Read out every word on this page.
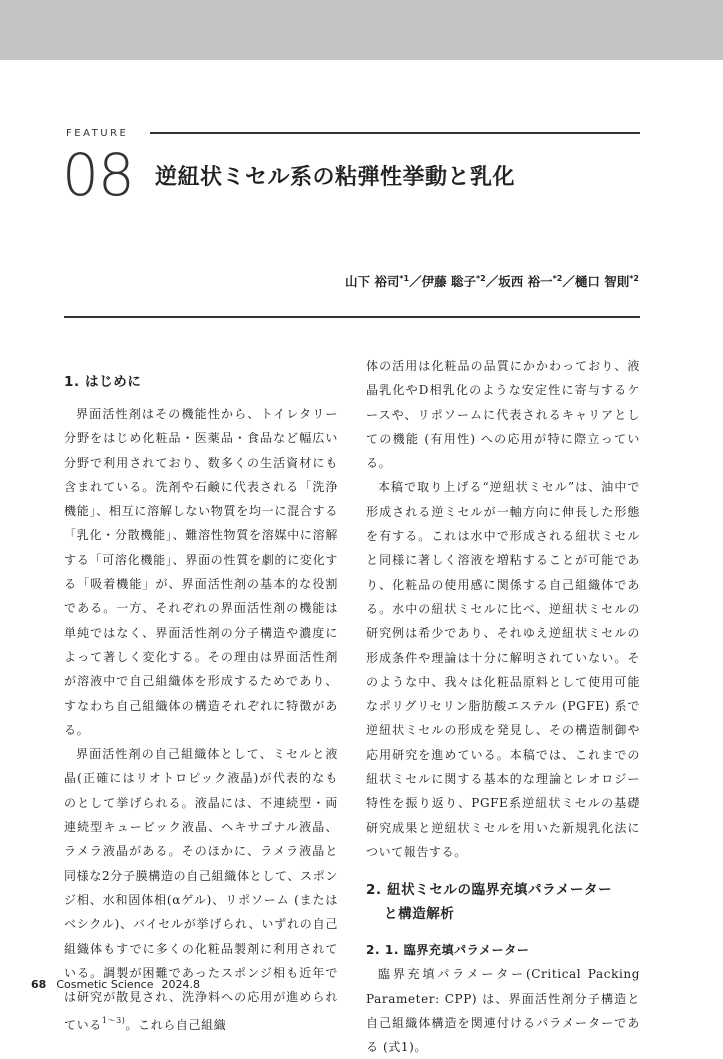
FEATURE
08 逆紐状ミセル系の粘弾性挙動と乳化
山下 裕司$^{*1}$／伊藤 聡子$^{*2}$／坂西 裕一$^{*2}$／樋口 智則$^{*2}$
1. はじめに

界面活性剤はその機能性から、トイレタリー分野をはじめ化粧品・医薬品・食品など幅広い分野で利用されており、数多くの生活資材にも含まれている。洗剤や石鹸に代表される「洗浄機能」、相互に溶解しない物質を均一に混合する「乳化・分散機能」、難溶性物質を溶媒中に溶解する「可溶化機能」、界面の性質を劇的に変化する「吸着機能」が、界面活性剤の基本的な役割である。一方、それぞれの界面活性剤の機能は単純ではなく、界面活性剤の分子構造や濃度によって著しく変化する。その理由は界面活性剤が溶液中で自己組織体を形成するためであり、すなわち自己組織体の構造それぞれに特徴がある。

界面活性剤の自己組織体として、ミセルと液晶(正確にはリオトロピック液晶)が代表的なものとして挙げられる。液晶には、不連続型・両連続型キュービック液晶、ヘキサゴナル液晶、ラメラ液晶がある。そのほかに、ラメラ液晶と同様な2分子膜構造の自己組織体として、スポンジ相、水和固体相(αゲル)、リポソーム (またはベシクル)、バイセルが挙げられ、いずれの自己組織体もすでに多くの化粧品製剤に利用されている。調製が困難であったスポンジ相も近年では研究が散見され、洗浄料への応用が進められている$^{1〜3)}$。これら自己組織

体の活用は化粧品の品質にかかわっており、液晶乳化やD相乳化のような安定性に寄与するケースや、リポソームに代表されるキャリアとしての機能 (有用性) への応用が特に際立っている。

本稿で取り上げる“逆紐状ミセル”は、油中で形成される逆ミセルが一軸方向に伸長した形態を有する。これは水中で形成される紐状ミセルと同様に著しく溶液を増粘することが可能であり、化粧品の使用感に関係する自己組織体である。水中の紐状ミセルに比べ、逆紐状ミセルの研究例は希少であり、それゆえ逆紐状ミセルの形成条件や理論は十分に解明されていない。そのような中、我々は化粧品原料として使用可能なポリグリセリン脂肪酸エステル (PGFE) 系で逆紐状ミセルの形成を発見し、その構造制御や応用研究を進めている。本稿では、これまでの紐状ミセルに関する基本的な理論とレオロジー特性を振り返り、PGFE系逆紐状ミセルの基礎研究成果と逆紐状ミセルを用いた新規乳化法について報告する。

2. 紐状ミセルの臨界充填パラメーター
と構造解析
2. 1. 臨界充填パラメーター

臨界充填パラメーター(Critical Packing Parameter: CPP) は、界面活性剤分子構造と自己組織体構造を関連付けるパラメーターである (式1)。

68 Cosmetic Science 2024.8
